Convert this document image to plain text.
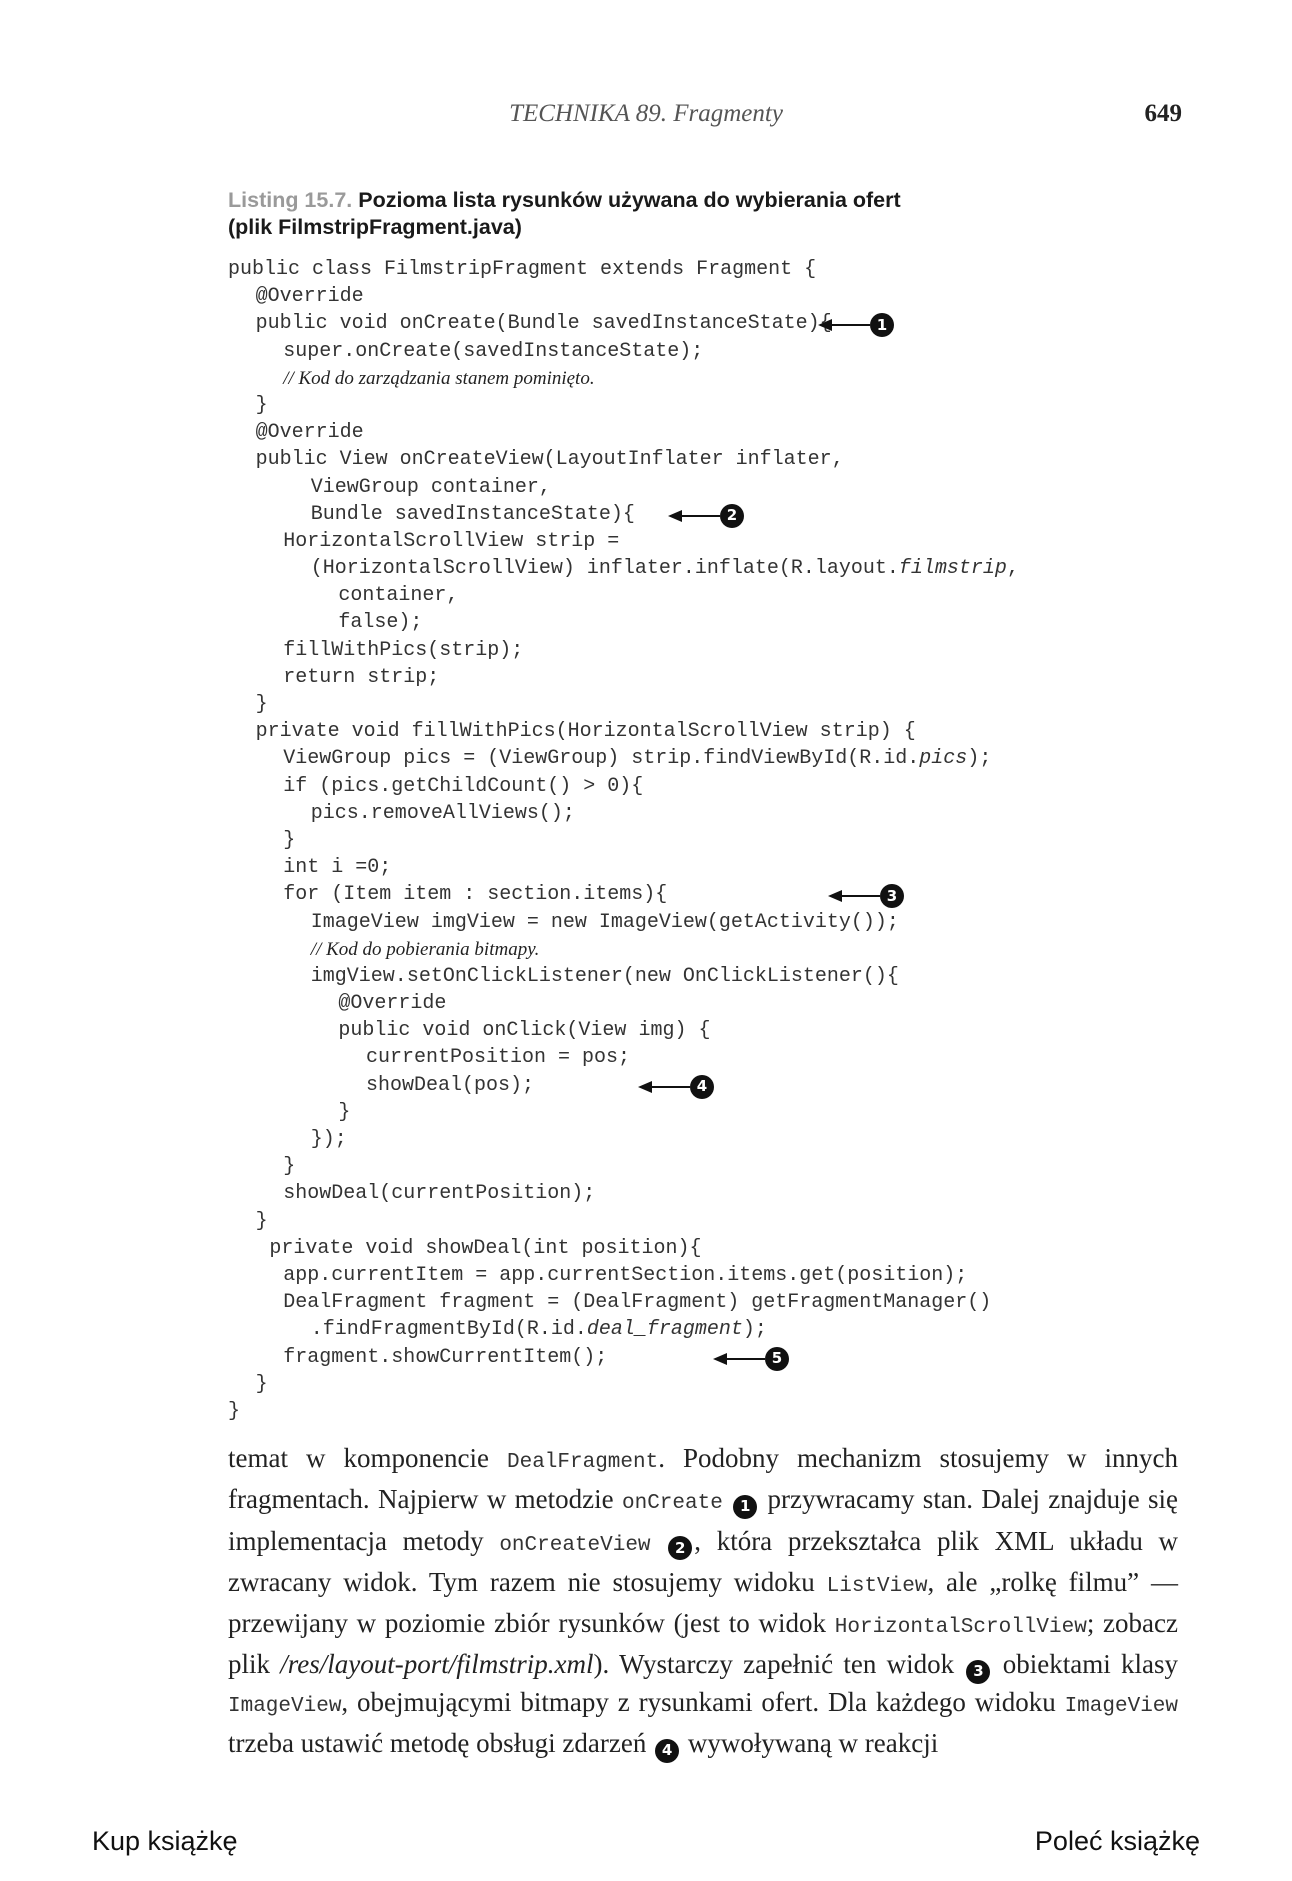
TECHNIKA 89. Fragmenty	649
Listing 15.7. Pozioma lista rysunków używana do wybierania ofert
(plik FilmstripFragment.java)
public class FilmstripFragment extends Fragment {
@Override
public void onCreate(Bundle savedInstanceState){	1
super.onCreate(savedInstanceState);
// Kod do zarządzania stanem pominięto.
}
@Override
public View onCreateView(LayoutInflater inflater,
ViewGroup container,
Bundle savedInstanceState){	2
HorizontalScrollView strip =
(HorizontalScrollView) inflater.inflate(R.layout.filmstrip,
container,
false);
fillWithPics(strip);
return strip;
}
private void fillWithPics(HorizontalScrollView strip) {
ViewGroup pics = (ViewGroup) strip.findViewById(R.id.pics);
if (pics.getChildCount() > 0){
pics.removeAllViews();
}
int i =0;
for (Item item : section.items){	3
ImageView imgView = new ImageView(getActivity());
// Kod do pobierania bitmapy.
imgView.setOnClickListener(new OnClickListener(){
@Override
public void onClick(View img) {
currentPosition = pos;
showDeal(pos);	4
}
});
}
showDeal(currentPosition);
}
private void showDeal(int position){
app.currentItem = app.currentSection.items.get(position);
DealFragment fragment = (DealFragment) getFragmentManager()
.findFragmentById(R.id.deal_fragment);
fragment.showCurrentItem();	5
}
}
temat w komponencie DealFragment. Podobny mechanizm stosujemy w innych fragmentach. Najpierw w metodzie onCreate 1 przywracamy stan. Dalej znajduje się implementacja metody onCreateView 2 , która przekształca plik XML układu w zwracany widok. Tym razem nie stosujemy widoku ListView, ale „rolkę filmu” — przewijany w poziomie zbiór rysunków (jest to widok HorizontalScrollView; zobacz plik /res/layout-port/filmstrip.xml). Wystarczy zapełnić ten widok 3 obiektami klasy ImageView, obejmującymi bitmapy z rysunkami ofert. Dla każdego widoku ImageView trzeba ustawić metodę obsługi zdarzeń 4 wywoływaną w reakcji
Kup książkę	Poleć książkę
